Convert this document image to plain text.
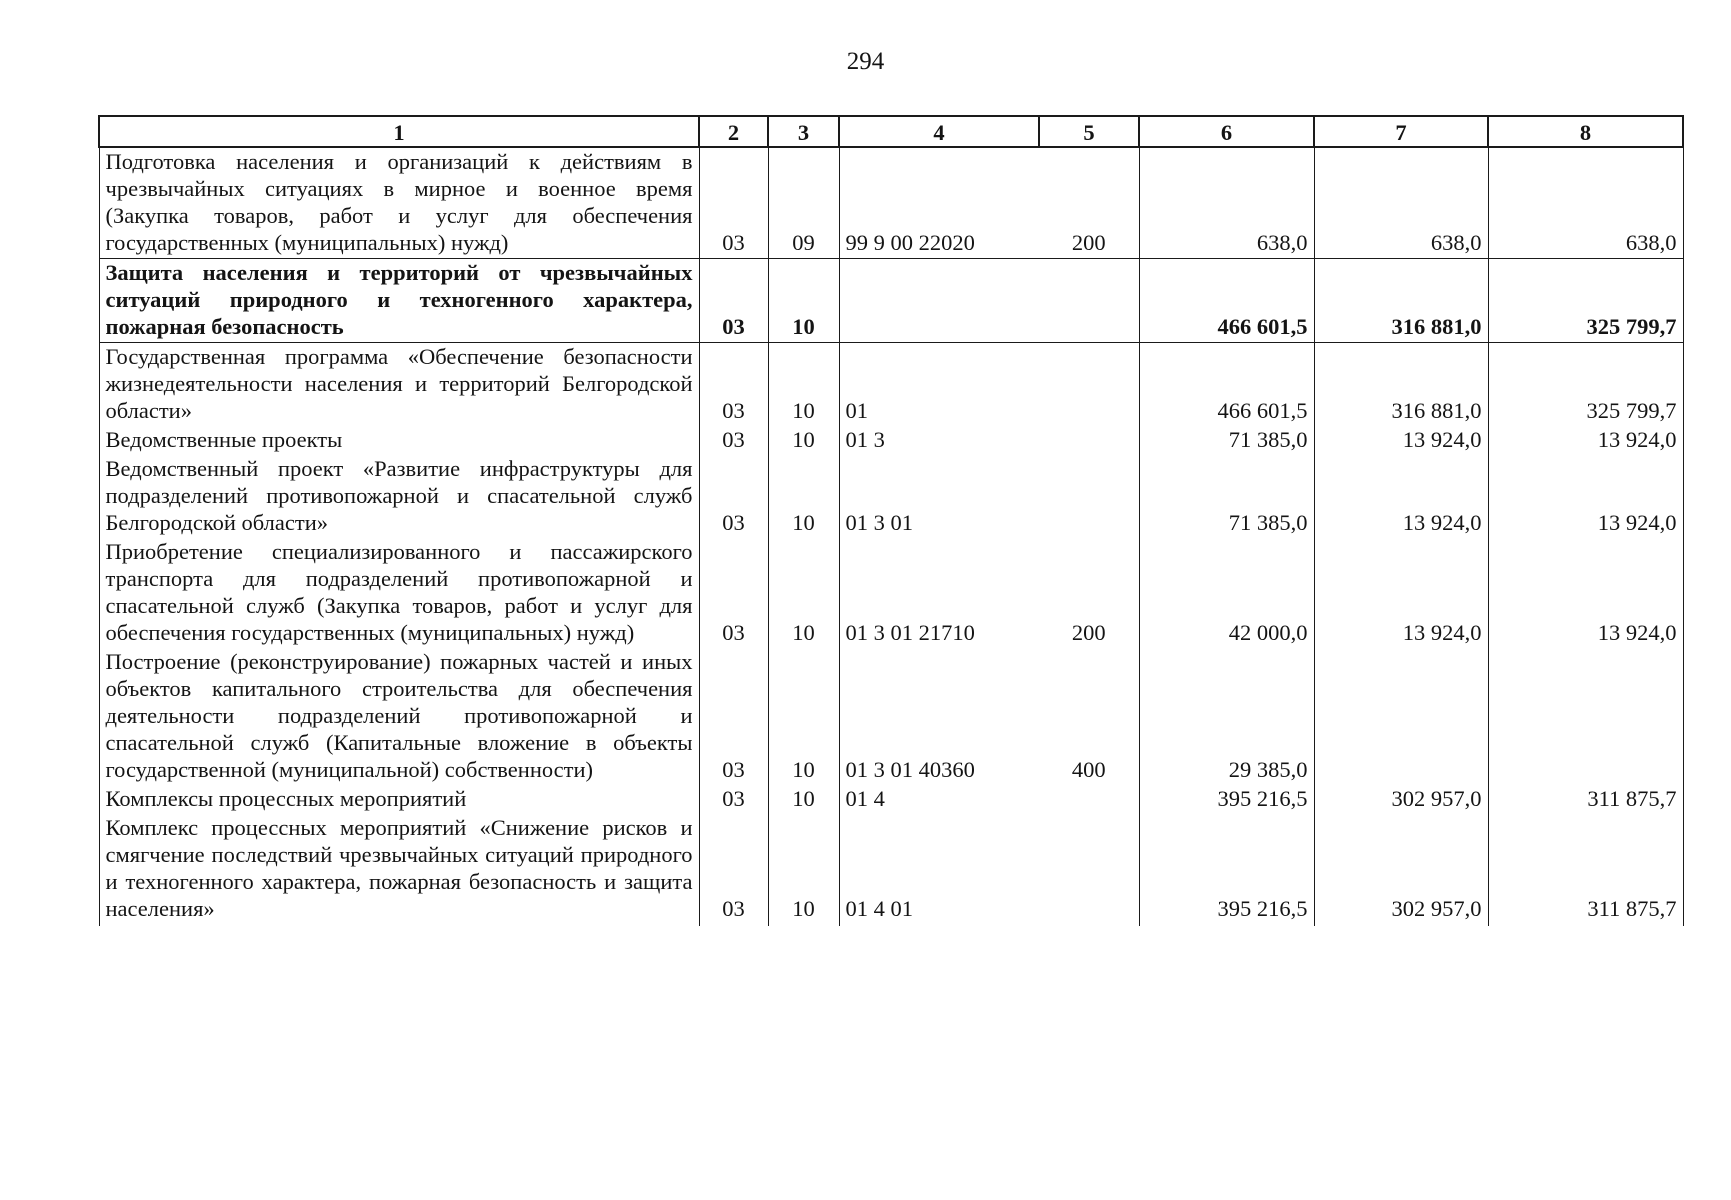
294
1	2	3	4	5	6	7	8
Подготовка населения и организаций к действиям в чрезвычайных ситуациях в мирное и военное время (Закупка товаров, работ и услуг для обеспечения государственных (муниципальных) нужд)	03	09	99 9 00 22020	200	638,0	638,0	638,0
Защита населения и территорий от чрезвычайных ситуаций природного и техногенного характера, пожарная безопасность	03	10			466 601,5	316 881,0	325 799,7
Государственная программа «Обеспечение безопасности жизнедеятельности населения и территорий Белгородской области»	03	10	01		466 601,5	316 881,0	325 799,7
Ведомственные проекты	03	10	01 3		71 385,0	13 924,0	13 924,0
Ведомственный проект «Развитие инфраструктуры для подразделений противопожарной и спасательной служб Белгородской области»	03	10	01 3 01		71 385,0	13 924,0	13 924,0
Приобретение специализированного и пассажирского транспорта для подразделений противопожарной и спасательной служб (Закупка товаров, работ и услуг для обеспечения государственных (муниципальных) нужд)	03	10	01 3 01 21710	200	42 000,0	13 924,0	13 924,0
Построение (реконструирование) пожарных частей и иных объектов капитального строительства для обеспечения деятельности подразделений противопожарной и спасательной служб (Капитальные вложение в объекты государственной (муниципальной) собственности)	03	10	01 3 01 40360	400	29 385,0		
Комплексы процессных мероприятий	03	10	01 4		395 216,5	302 957,0	311 875,7
Комплекс процессных мероприятий «Снижение рисков и смягчение последствий чрезвычайных ситуаций природного и техногенного характера, пожарная безопасность и защита населения»	03	10	01 4 01		395 216,5	302 957,0	311 875,7
